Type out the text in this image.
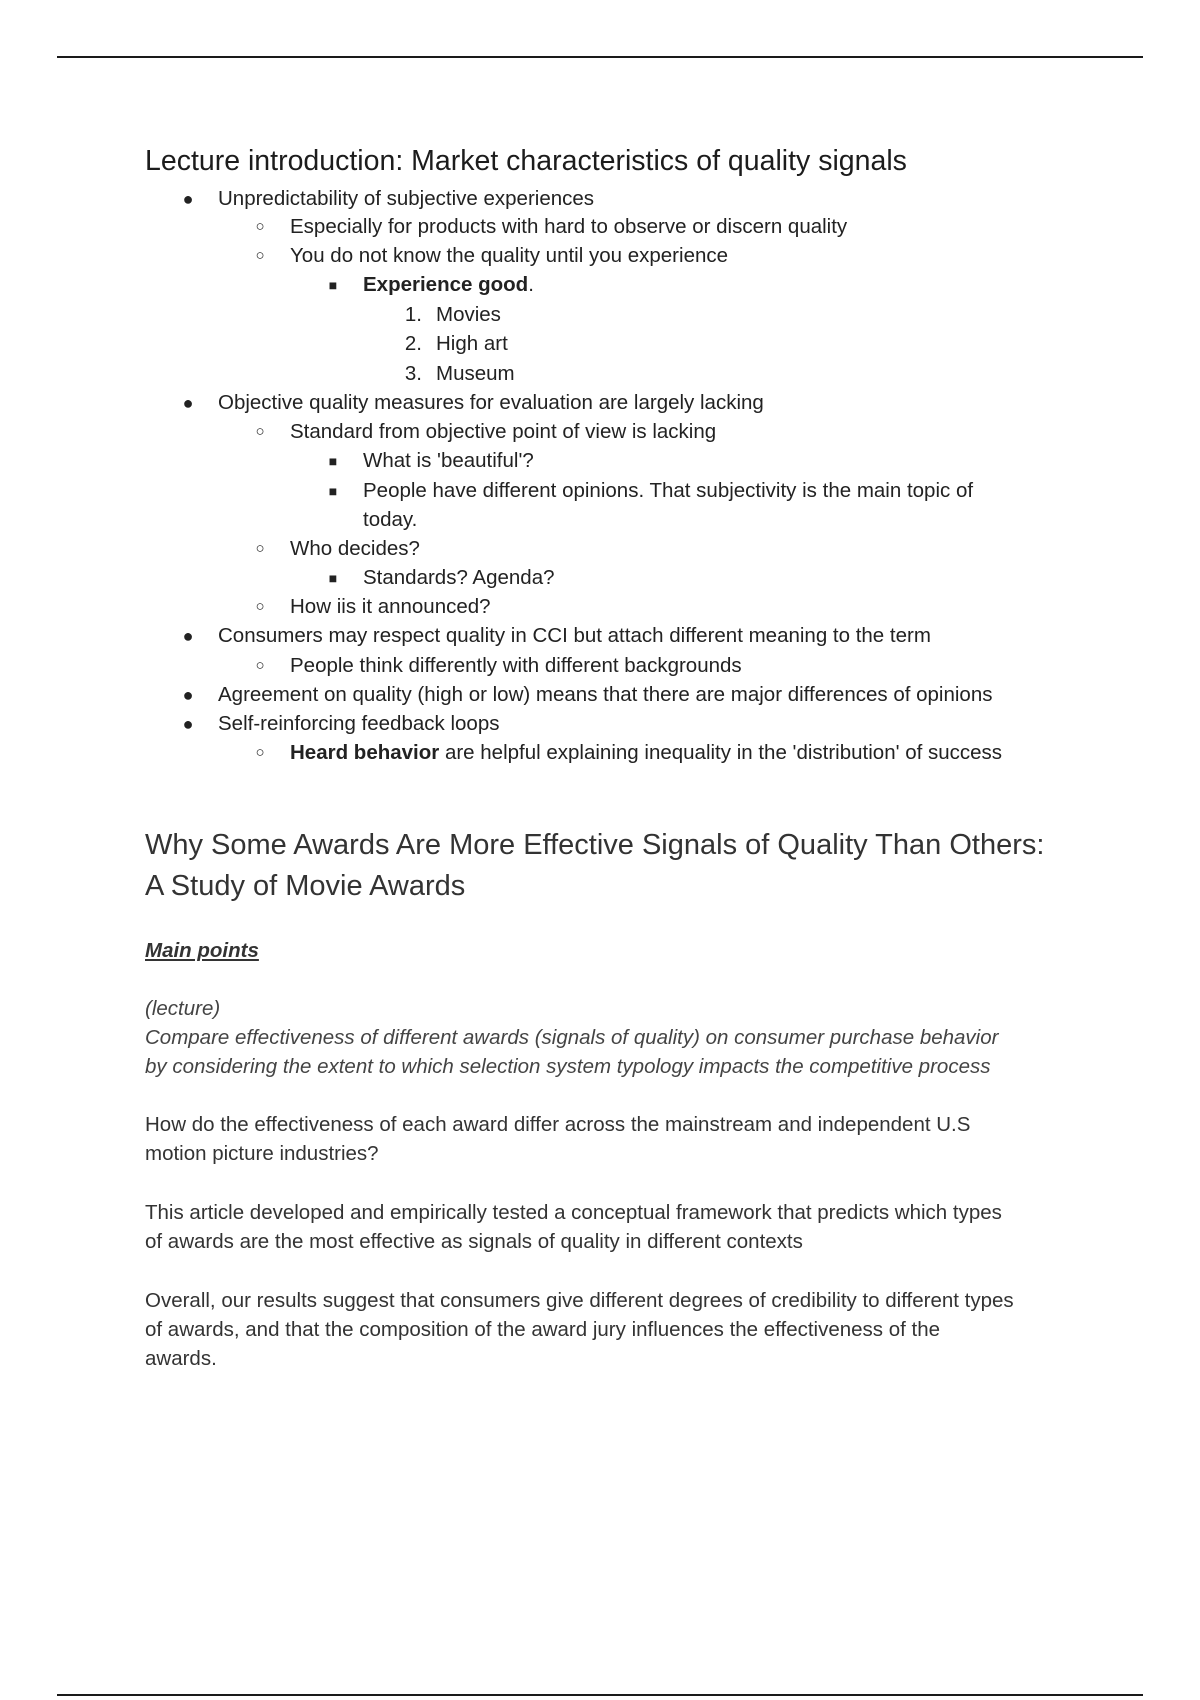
Lecture introduction: Market characteristics of quality signals
● Unpredictability of subjective experiences
○ Especially for products with hard to observe or discern quality
○ You do not know the quality until you experience
■ Experience good.
1. Movies
2. High art
3. Museum
● Objective quality measures for evaluation are largely lacking
○ Standard from objective point of view is lacking
■ What is 'beautiful'?
■ People have different opinions. That subjectivity is the main topic of
today.
○ Who decides?
■ Standards? Agenda?
○ How iis it announced?
● Consumers may respect quality in CCI but attach different meaning to the term
○ People think differently with different backgrounds
● Agreement on quality (high or low) means that there are major differences of opinions
● Self-reinforcing feedback loops
○ Heard behavior are helpful explaining inequality in the 'distribution' of success
Why Some Awards Are More Effective Signals of Quality Than Others:
A Study of Movie Awards
Main points
(lecture)
Compare effectiveness of different awards (signals of quality) on consumer purchase behavior
by considering the extent to which selection system typology impacts the competitive process
How do the effectiveness of each award differ across the mainstream and independent U.S
motion picture industries?
This article developed and empirically tested a conceptual framework that predicts which types
of awards are the most effective as signals of quality in different contexts
Overall, our results suggest that consumers give different degrees of credibility to different types
of awards, and that the composition of the award jury influences the effectiveness of the
awards.
